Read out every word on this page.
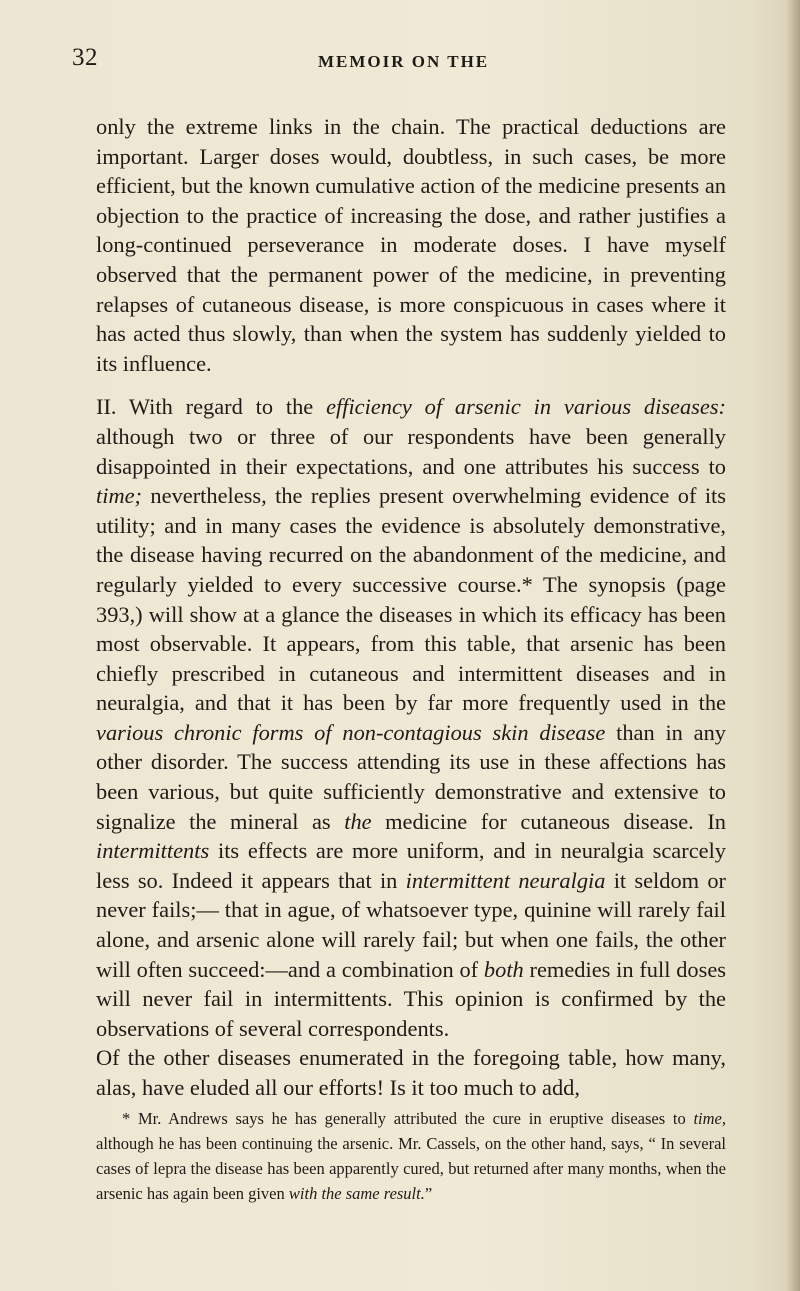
32	MEMOIR ON THE

only the extreme links in the chain. The practical deductions are important. Larger doses would, doubtless, in such cases, be more efficient, but the known cumulative action of the medicine presents an objection to the practice of increasing the dose, and rather justifies a long-continued perseverance in moderate doses. I have myself observed that the permanent power of the medicine, in preventing relapses of cutaneous disease, is more conspicuous in cases where it has acted thus slowly, than when the system has suddenly yielded to its influence.

II. With regard to the efficiency of arsenic in various diseases: although two or three of our respondents have been generally disappointed in their expectations, and one attributes his success to time; nevertheless, the replies present overwhelming evidence of its utility; and in many cases the evidence is absolutely demonstrative, the disease having recurred on the abandonment of the medicine, and regularly yielded to every successive course.* The synopsis (page 393,) will show at a glance the diseases in which its efficacy has been most observable. It appears, from this table, that arsenic has been chiefly prescribed in cutaneous and intermittent diseases and in neuralgia, and that it has been by far more frequently used in the various chronic forms of non-contagious skin disease than in any other disorder. The success attending its use in these affections has been various, but quite sufficiently demonstrative and extensive to signalize the mineral as the medicine for cutaneous disease. In intermittents its effects are more uniform, and in neuralgia scarcely less so. Indeed it appears that in intermittent neuralgia it seldom or never fails;— that in ague, of whatsoever type, quinine will rarely fail alone, and arsenic alone will rarely fail; but when one fails, the other will often succeed:—and a combination of both remedies in full doses will never fail in intermittents. This opinion is confirmed by the observations of several correspondents.

Of the other diseases enumerated in the foregoing table, how many, alas, have eluded all our efforts! Is it too much to add,

* Mr. Andrews says he has generally attributed the cure in eruptive diseases to time, although he has been continuing the arsenic. Mr. Cassels, on the other hand, says, “ In several cases of lepra the disease has been apparently cured, but returned after many months, when the arsenic has again been given with the same result.”
